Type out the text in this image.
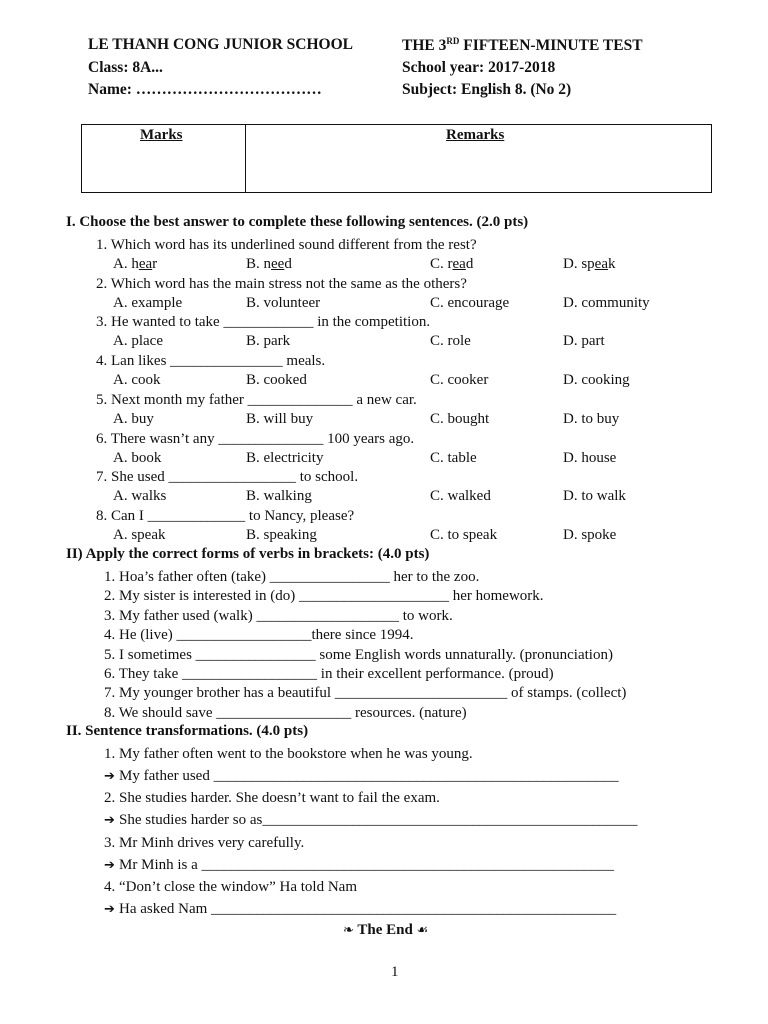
LE THANH CONG JUNIOR SCHOOL	THE 3RD FIFTEEN-MINUTE TEST
Class: 8A...	School year: 2017-2018
Name: ………………………………	Subject: English 8. (No 2)
Marks	Remarks
I. Choose the best answer to complete these following sentences. (2.0 pts)
1. Which word has its underlined sound different from the rest?
A. hear	B. need	C. read	D. speak
2. Which word has the main stress not the same as the others?
A. example	B. volunteer	C. encourage	D. community
3. He wanted to take ____________ in the competition.
A. place	B. park	C. role	D. part
4. Lan likes _______________ meals.
A. cook	B. cooked	C. cooker	D. cooking
5. Next month my father ______________ a new car.
A. buy	B. will buy	C. bought	D. to buy
6. There wasn’t any ______________ 100 years ago.
A. book	B. electricity	C. table	D. house
7. She used _________________ to school.
A. walks	B. walking	C. walked	D. to walk
8. Can I _____________ to Nancy, please?
A. speak	B. speaking	C. to speak	D. spoke
II) Apply the correct forms of verbs in brackets: (4.0 pts)
1. Hoa’s father often (take) ________________ her to the zoo.
2. My sister is interested in (do) ____________________ her homework.
3. My father used (walk) ___________________ to work.
4. He (live) __________________there since 1994.
5. I sometimes ________________ some English words unnaturally. (pronunciation)
6. They take __________________ in their excellent performance. (proud)
7. My younger brother has a beautiful _______________________ of stamps. (collect)
8. We should save __________________ resources. (nature)
II. Sentence transformations. (4.0 pts)
1. My father often went to the bookstore when he was young.
➔ My father used ______________________________________________________
2. She studies harder. She doesn’t want to fail the exam.
➔ She studies harder so as__________________________________________________
3. Mr Minh drives very carefully.
➔ Mr Minh is a _______________________________________________________
4. “Don’t close the window” Ha told Nam
➔ Ha asked Nam ______________________________________________________
❧ The End ☙
1
